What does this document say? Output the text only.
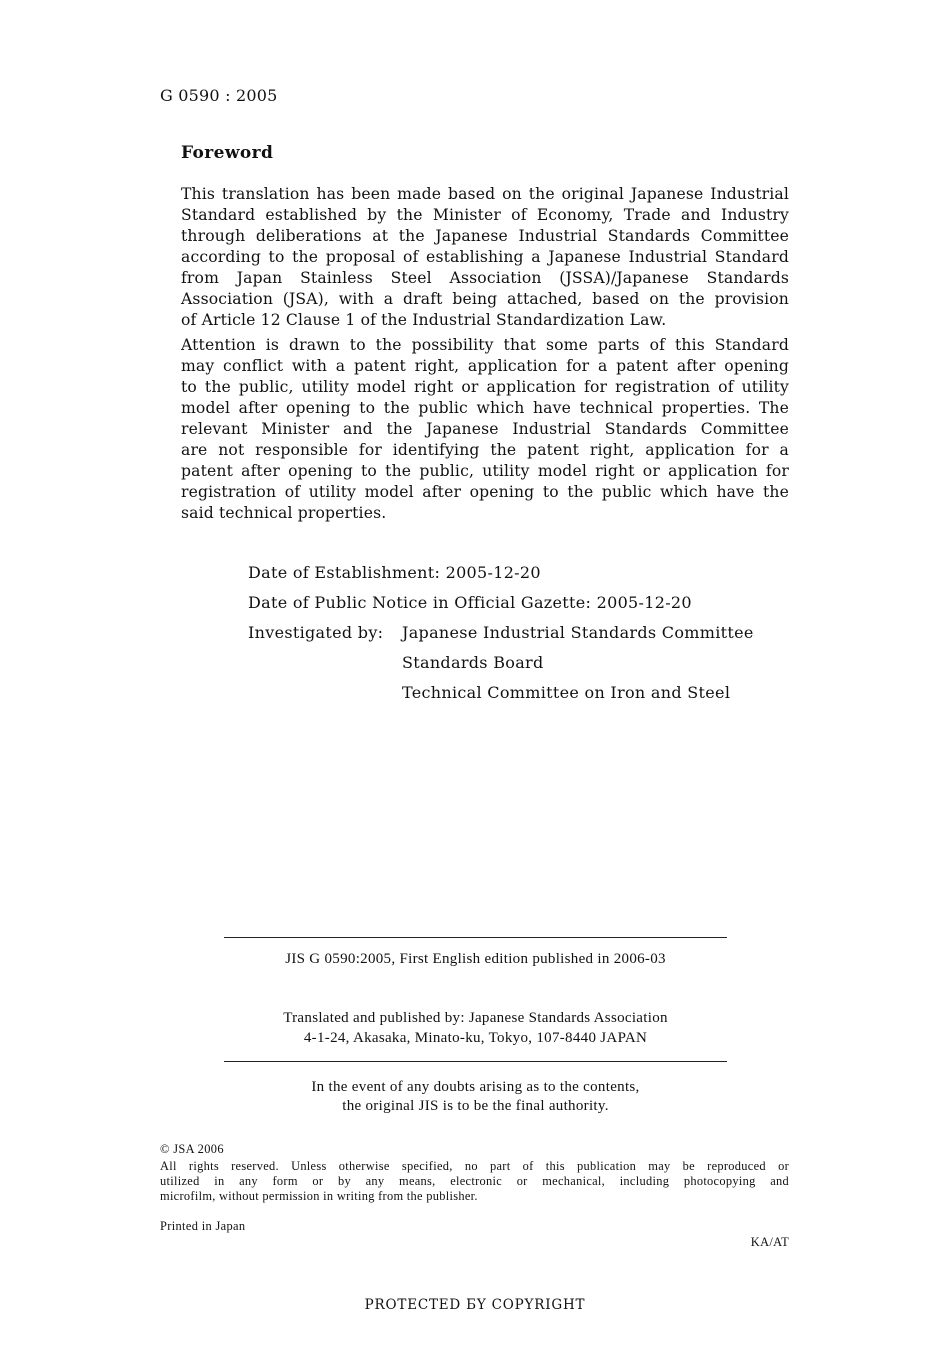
G 0590 : 2005
Foreword
This translation has been made based on the original Japanese Industrial
Standard established by the Minister of Economy, Trade and Industry
through deliberations at the Japanese Industrial Standards Committee
according to the proposal of establishing a Japanese Industrial Standard
from Japan Stainless Steel Association (JSSA)/Japanese Standards
Association (JSA), with a draft being attached, based on the provision
of Article 12 Clause 1 of the Industrial Standardization Law.
Attention is drawn to the possibility that some parts of this Standard
may conflict with a patent right, application for a patent after opening
to the public, utility model right or application for registration of utility
model after opening to the public which have technical properties. The
relevant Minister and the Japanese Industrial Standards Committee
are not responsible for identifying the patent right, application for a
patent after opening to the public, utility model right or application for
registration of utility model after opening to the public which have the
said technical properties.
Date of Establishment: 2005-12-20
Date of Public Notice in Official Gazette: 2005-12-20
Investigated by: Japanese Industrial Standards Committee
Standards Board
Technical Committee on Iron and Steel
JIS G 0590:2005, First English edition published in 2006-03
Translated and published by: Japanese Standards Association
4-1-24, Akasaka, Minato-ku, Tokyo, 107-8440 JAPAN
In the event of any doubts arising as to the contents,
the original JIS is to be the final authority.
© JSA 2006
All rights reserved. Unless otherwise specified, no part of this publication may be reproduced or
utilized in any form or by any means, electronic or mechanical, including photocopying and
microfilm, without permission in writing from the publisher.
Printed in Japan
KA/AT
PROTECTED БY COPYRIGHT
